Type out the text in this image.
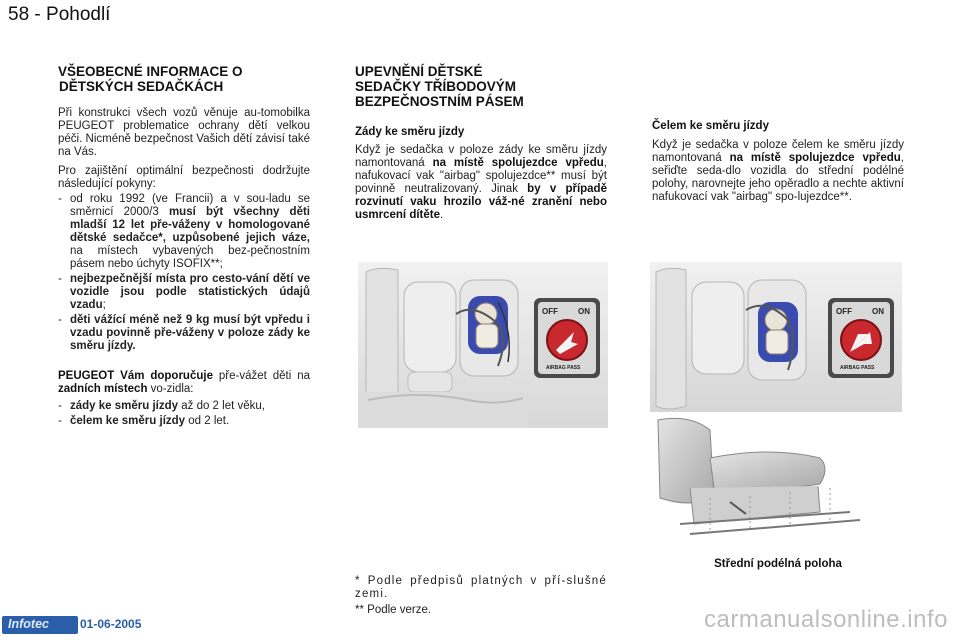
58 - Pohodlí
VŠEOBECNÉ INFORMACE O
DĚTSKÝCH SEDAČKÁCH

Při konstrukci všech vozů věnuje au-tomobilka PEUGEOT problematice ochrany dětí velkou péči. Nicméně bezpečnost Vašich dětí závisí také na Vás.

Pro zajištění optimální bezpečnosti dodržujte následující pokyny:

- od roku 1992 (ve Francii) a v sou-ladu se směrnicí 2000/3 musí být všechny děti mladší 12 let pře-váženy v homologované dětské sedačce*, uzpůsobené jejich váze, na místech vybavených bez-pečnostním pásem nebo úchyty ISOFIX**;
- nejbezpečnější místa pro cesto-vání dětí ve vozidle jsou podle statistických údajů vzadu;
- děti vážící méně než 9 kg musí být vpředu i vzadu povinně pře-váženy v poloze zády ke směru jízdy.

PEUGEOT Vám doporučuje pře-vážet děti na zadních místech vo-zidla:

- zády ke směru jízdy až do 2 let věku,
- čelem ke směru jízdy od 2 let.
UPEVNĚNÍ DĚTSKÉ
SEDAČKY TŘÍBODOVÝM
BEZPEČNOSTNÍM PÁSEM
Zády ke směru jízdy

Když je sedačka v poloze zády ke směru jízdy namontovaná na místě spolujezdce vpředu, nafukovací vak "airbag" spolujezdce** musí být povinně neutralizovaný. Jinak by v případě rozvinutí vaku hrozilo váž-né zranění nebo usmrcení dítěte.

OFF	ON
AIRBAG PASS

* Podle předpisů platných v pří-slušné zemi.

** Podle verze.

Čelem ke směru jízdy

Když je sedačka v poloze čelem ke směru jízdy namontovaná na místě spolujezdce vpředu, seřiďte seda-dlo vozidla do střední podélné polohy, narovnejte jeho opěradlo a nechte aktivní nafukovací vak "airbag" spo-lujezdce**.

OFF	ON
AIRBAG PASS
Střední podélná poloha
Infotec	01-06-2005	carmanualsonline.info
